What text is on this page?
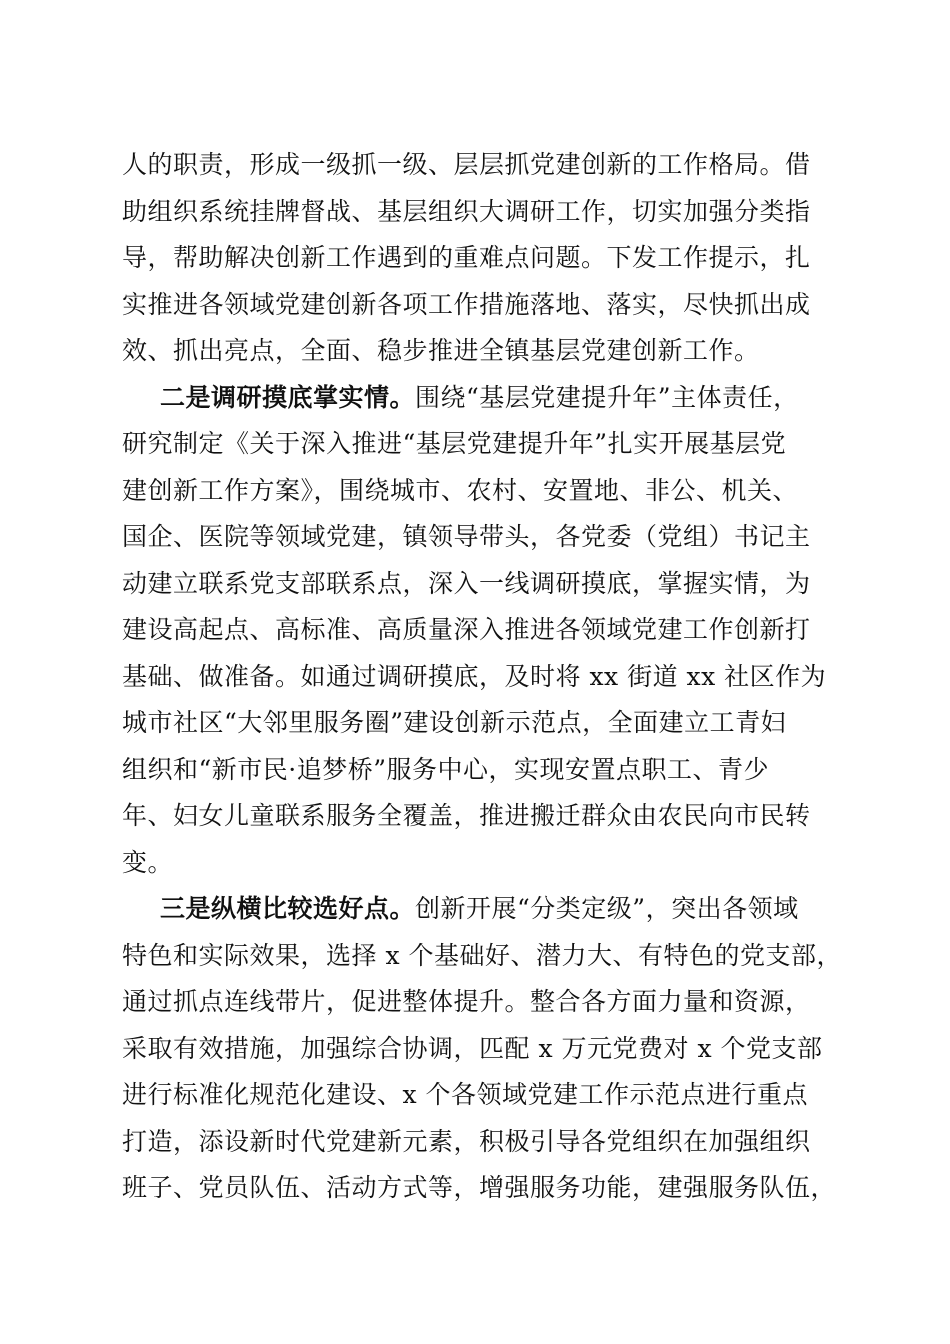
人的职责，形成一级抓一级、层层抓党建创新的工作格局。借
助组织系统挂牌督战、基层组织大调研工作，切实加强分类指
导，帮助解决创新工作遇到的重难点问题。下发工作提示，扎
实推进各领域党建创新各项工作措施落地、落实，尽快抓出成
效、抓出亮点，全面、稳步推进全镇基层党建创新工作。
二是调研摸底掌实情。围绕“基层党建提升年”主体责任，
研究制定《关于深入推进“基层党建提升年”扎实开展基层党
建创新工作方案》，围绕城市、农村、安置地、非公、机关、
国企、医院等领域党建，镇领导带头，各党委（党组）书记主
动建立联系党支部联系点，深入一线调研摸底，掌握实情，为
建设高起点、高标准、高质量深入推进各领域党建工作创新打
基础、做准备。如通过调研摸底，及时将 xx 街道 xx 社区作为
城市社区“大邻里服务圈”建设创新示范点，全面建立工青妇
组织和“新市民·追梦桥”服务中心，实现安置点职工、青少
年、妇女儿童联系服务全覆盖，推进搬迁群众由农民向市民转
变。
三是纵横比较选好点。创新开展“分类定级”，突出各领域
特色和实际效果，选择 x 个基础好、潜力大、有特色的党支部，
通过抓点连线带片，促进整体提升。整合各方面力量和资源，
采取有效措施，加强综合协调，匹配 x 万元党费对 x 个党支部
进行标准化规范化建设、x 个各领域党建工作示范点进行重点
打造，添设新时代党建新元素，积极引导各党组织在加强组织
班子、党员队伍、活动方式等，增强服务功能，建强服务队伍，
